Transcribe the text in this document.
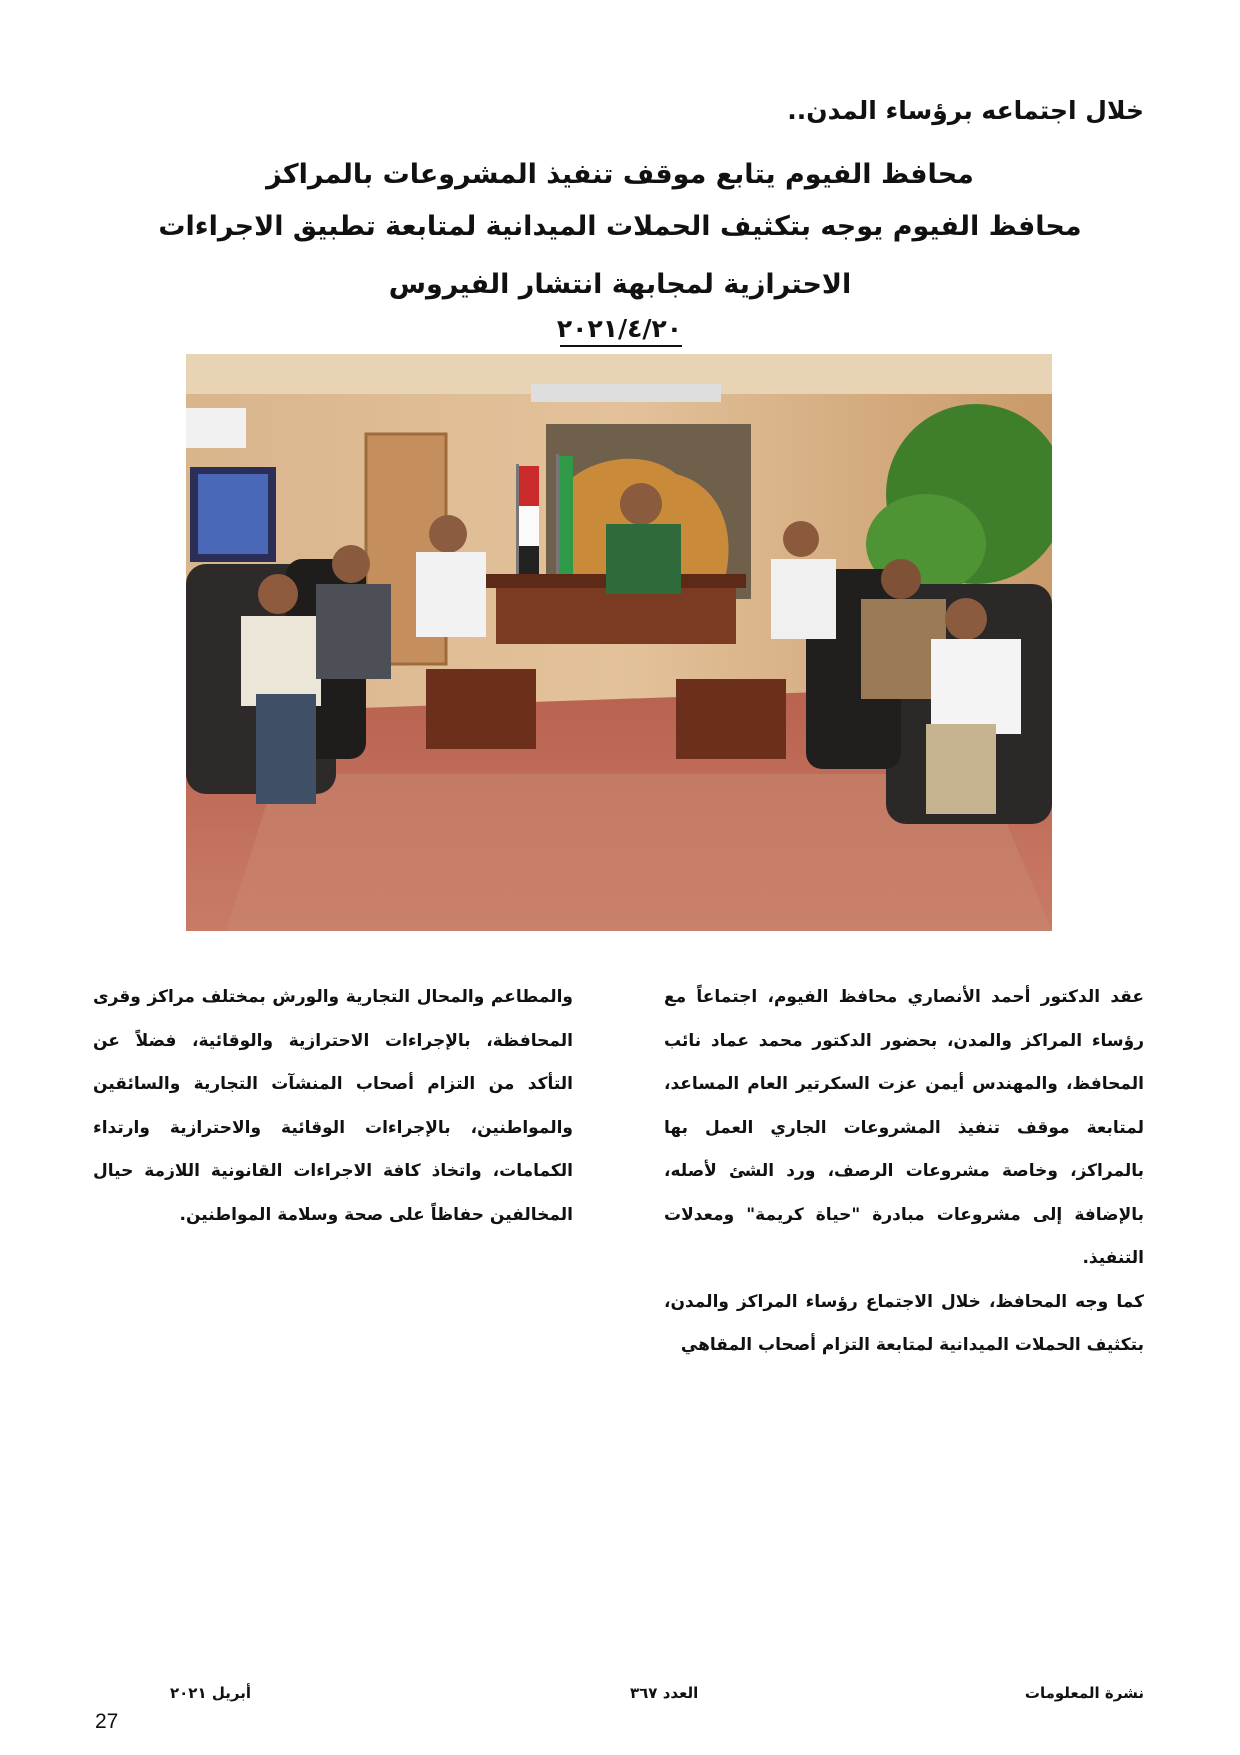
خلال اجتماعه برؤساء المدن..
محافظ الفيوم يتابع موقف تنفيذ المشروعات بالمراكز
محافظ الفيوم يوجه بتكثيف الحملات الميدانية لمتابعة تطبيق الاجراءات الاحترازية لمجابهة انتشار الفيروس
٢٠٢١/٤/٢٠

عقد الدكتور أحمد الأنصاري محافظ الفيوم، اجتماعاً مع رؤساء المراكز والمدن، بحضور الدكتور محمد عماد نائب المحافظ، والمهندس أيمن عزت السكرتير العام المساعد، لمتابعة موقف تنفيذ المشروعات الجاري العمل بها بالمراكز، وخاصة مشروعات الرصف، ورد الشئ لأصله، بالإضافة إلى مشروعات مبادرة "حياة كريمة" ومعدلات التنفيذ.

كما وجه المحافظ، خلال الاجتماع رؤساء المراكز والمدن، بتكثيف الحملات الميدانية لمتابعة التزام أصحاب المقاهي

والمطاعم والمحال التجارية والورش بمختلف مراكز وقرى المحافظة، بالإجراءات الاحترازية والوقائية، فضلاً عن التأكد من التزام أصحاب المنشآت التجارية والسائقين والمواطنين، بالإجراءات الوقائية والاحترازية وارتداء الكمامات، واتخاذ كافة الاجراءات القانونية اللازمة حيال المخالفين حفاظاً على صحة وسلامة المواطنين.

نشرة المعلومات
العدد ٣٦٧
أبريل ٢٠٢١
27
